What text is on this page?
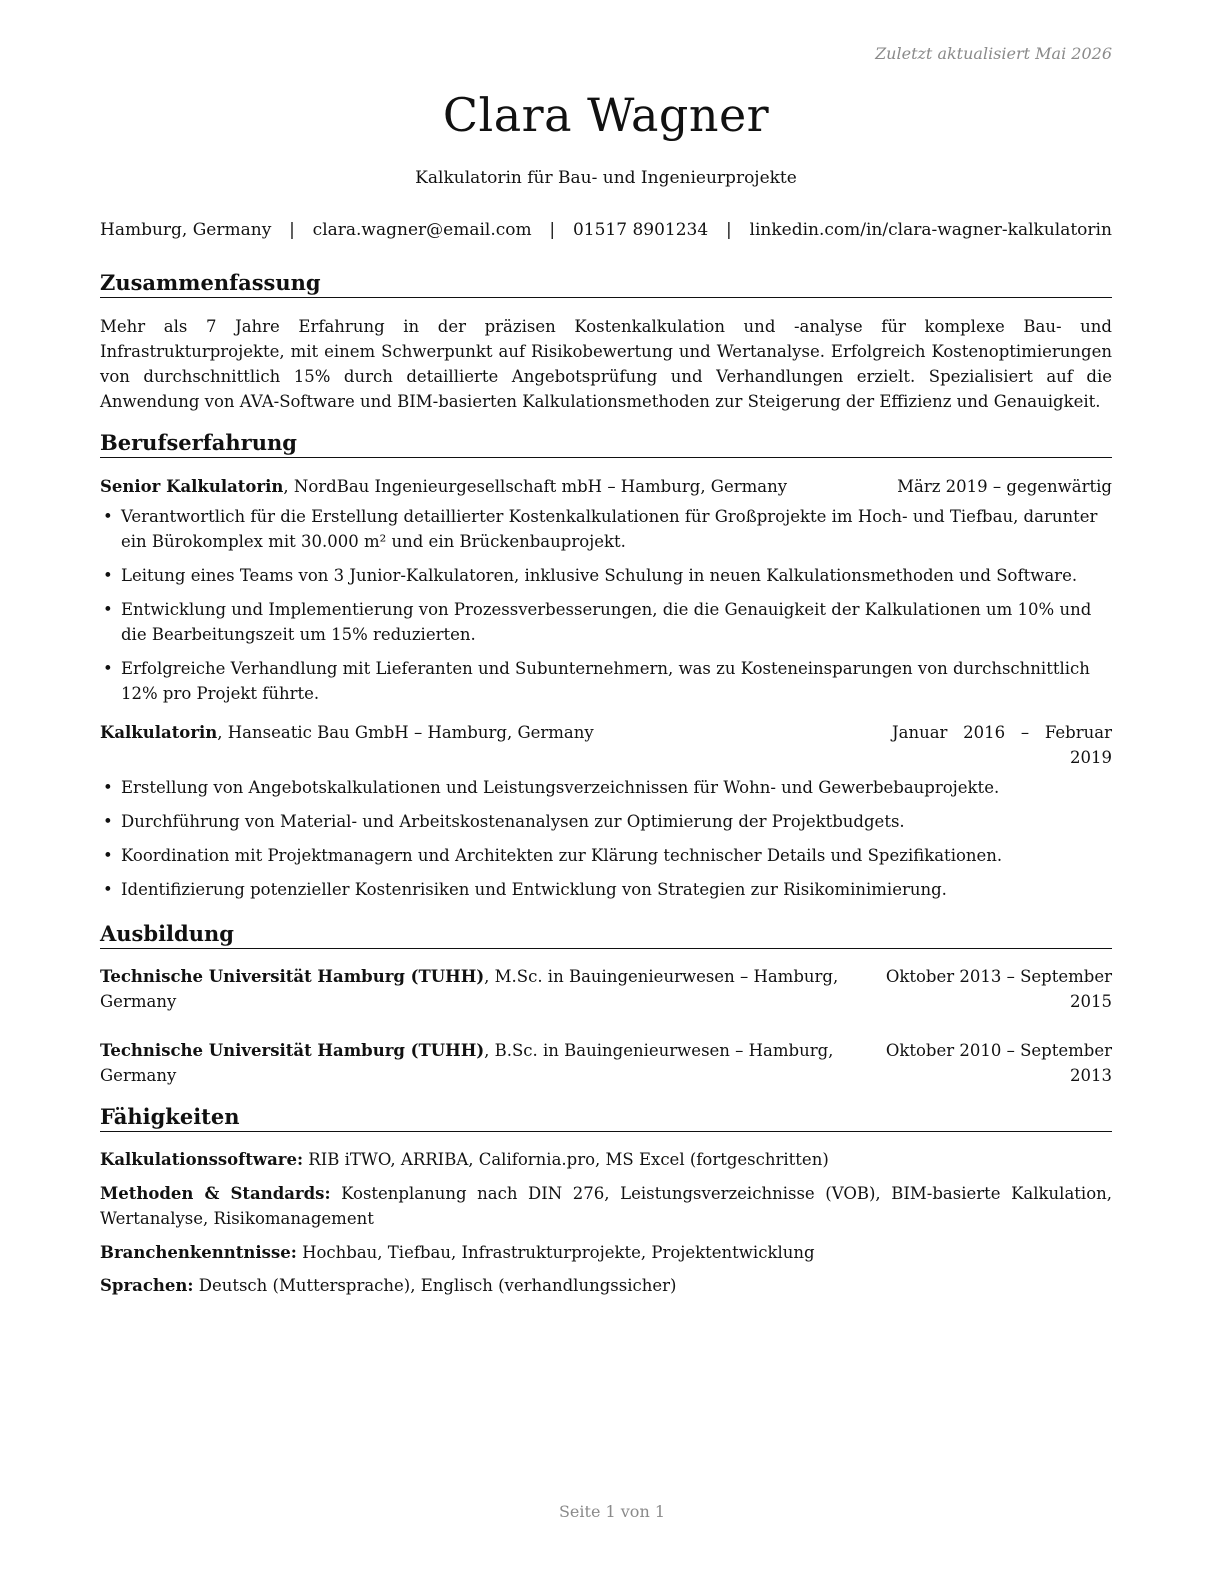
Zuletzt aktualisiert Mai 2026
Clara Wagner
Kalkulatorin für Bau- und Ingenieurprojekte
Hamburg, Germany | clara.wagner@email.com | 01517 8901234 | linkedin.com/in/clara-wagner-kalkulatorin
Zusammenfassung
Mehr als 7 Jahre Erfahrung in der präzisen Kostenkalkulation und -analyse für komplexe Bau- und Infrastrukturprojekte, mit einem Schwerpunkt auf Risikobewertung und Wertanalyse. Erfolgreich Kostenoptimierungen von durchschnittlich 15% durch detaillierte Angebotsprüfung und Verhandlungen erzielt. Spezialisiert auf die Anwendung von AVA-Software und BIM-basierten Kalkulationsmethoden zur Steigerung der Effizienz und Genauigkeit.
Berufserfahrung
Senior Kalkulatorin, NordBau Ingenieurgesellschaft mbH – Hamburg, Germany	März 2019 – gegenwärtig
• Verantwortlich für die Erstellung detaillierter Kostenkalkulationen für Großprojekte im Hoch- und Tiefbau, darunter ein Bürokomplex mit 30.000 m² und ein Brückenbauprojekt.
• Leitung eines Teams von 3 Junior-Kalkulatoren, inklusive Schulung in neuen Kalkulationsmethoden und Software.
• Entwicklung und Implementierung von Prozessverbesserungen, die die Genauigkeit der Kalkulationen um 10% und die Bearbeitungszeit um 15% reduzierten.
• Erfolgreiche Verhandlung mit Lieferanten und Subunternehmern, was zu Kosteneinsparungen von durchschnittlich 12% pro Projekt führte.
Kalkulatorin, Hanseatic Bau GmbH – Hamburg, Germany	Januar   2016   –   Februar
2019
• Erstellung von Angebotskalkulationen und Leistungsverzeichnissen für Wohn- und Gewerbebauprojekte.
• Durchführung von Material- und Arbeitskostenanalysen zur Optimierung der Projektbudgets.
• Koordination mit Projektmanagern und Architekten zur Klärung technischer Details und Spezifikationen.
• Identifizierung potenzieller Kostenrisiken und Entwicklung von Strategien zur Risikominimierung.
Ausbildung
Technische Universität Hamburg (TUHH), M.Sc. in Bauingenieurwesen – Hamburg,	Oktober 2013 – September
Germany	2015
Technische Universität Hamburg (TUHH), B.Sc. in Bauingenieurwesen – Hamburg,	Oktober 2010 – September
Germany	2013
Fähigkeiten
Kalkulationssoftware: RIB iTWO, ARRIBA, California.pro, MS Excel (fortgeschritten)
Methoden & Standards: Kostenplanung nach DIN 276, Leistungsverzeichnisse (VOB), BIM-basierte Kalkulation, Wertanalyse, Risikomanagement
Branchenkenntnisse: Hochbau, Tiefbau, Infrastrukturprojekte, Projektentwicklung
Sprachen: Deutsch (Muttersprache), Englisch (verhandlungssicher)
Seite 1 von 1
